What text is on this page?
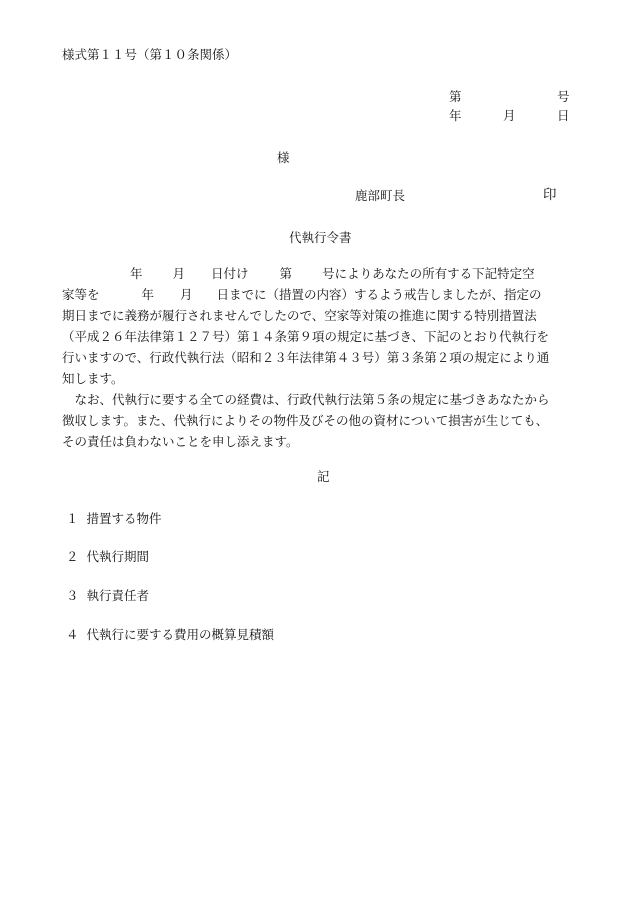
様式第１１号（第１０条関係）
第	号
年	月	日
様
鹿部町長	印
代執行令書
年 月 日付け 第 号によりあなたの所有する下記特定空
家等を	年 月 日までに（措置の内容）するよう戒告しましたが、指定の
期日までに義務が履行されませんでしたので、空家等対策の推進に関する特別措置法
（平成２６年法律第１２７号）第１４条第９項の規定に基づき、下記のとおり代執行を
行いますので、行政代執行法（昭和２３年法律第４３号）第３条第２項の規定により通
知します。
　なお、代執行に要する全ての経費は、行政代執行法第５条の規定に基づきあなたから
徴収します。また、代執行によりその物件及びその他の資材について損害が生じても、
その責任は負わないことを申し添えます。
記
１ 措置する物件
２ 代執行期間
３ 執行責任者
４ 代執行に要する費用の概算見積額
